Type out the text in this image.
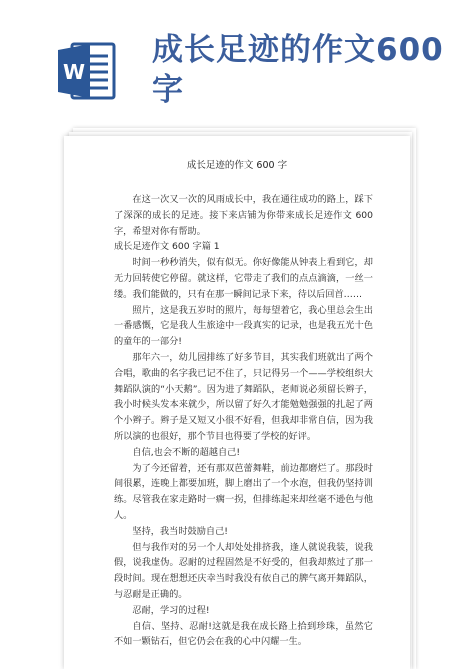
W
成长足迹的作文600字
成长足迹的作文 600 字

在这一次又一次的风雨成长中，我在通往成功的路上，踩下了深深的成长的足迹。接下来店铺为你带来成长足迹作文 600 字，希望对你有帮助。

成长足迹作文 600 字篇 1

时间一秒秒消失，似有似无。你好像能从钟表上看到它，却无力回转使它停留。就这样，它带走了我们的点点滴滴，一丝一缕。我们能做的，只有在那一瞬间记录下来，待以后回首……

照片，这是我五岁时的照片，每每望着它，我心里总会生出一番感慨，它是我人生旅途中一段真实的记录，也是我五光十色的童年的一部分!

那年六一，幼儿园排练了好多节目，其实我们班就出了两个合唱，歌曲的名字我已记不住了，只记得另一个——学校组织大舞蹈队演的“小天鹅”。因为进了舞蹈队，老师说必须留长辫子，我小时候头发本来就少，所以留了好久才能勉勉强强的扎起了两个小辫子。辫子是又短又小很不好看，但我却非常自信，因为我所以演的也很好，那个节目也得要了学校的好评。

自信,也会不断的超越自己!

为了今还留着，还有那双芭蕾舞鞋，前边都磨烂了。那段时间很累，连晚上都要加班，脚上磨出了一个水泡，但我仍坚持训练。尽管我在家走路时一瘸一拐，但排练起来却丝毫不逊色与他人。

坚持，我当时鼓励自己!

但与我作对的另一个人却处处排挤我，逢人就说我装，说我假，说我虚伪。忍耐的过程固然是不好受的，但我却熬过了那一段时间。现在想想还庆幸当时我没有依自己的脾气离开舞蹈队，与忍耐是正确的。

忍耐，学习的过程!

自信、坚持、忍耐!这就是我在成长路上拾到珍珠，虽然它不如一颗钻石，但它仍会在我的心中闪耀一生。
